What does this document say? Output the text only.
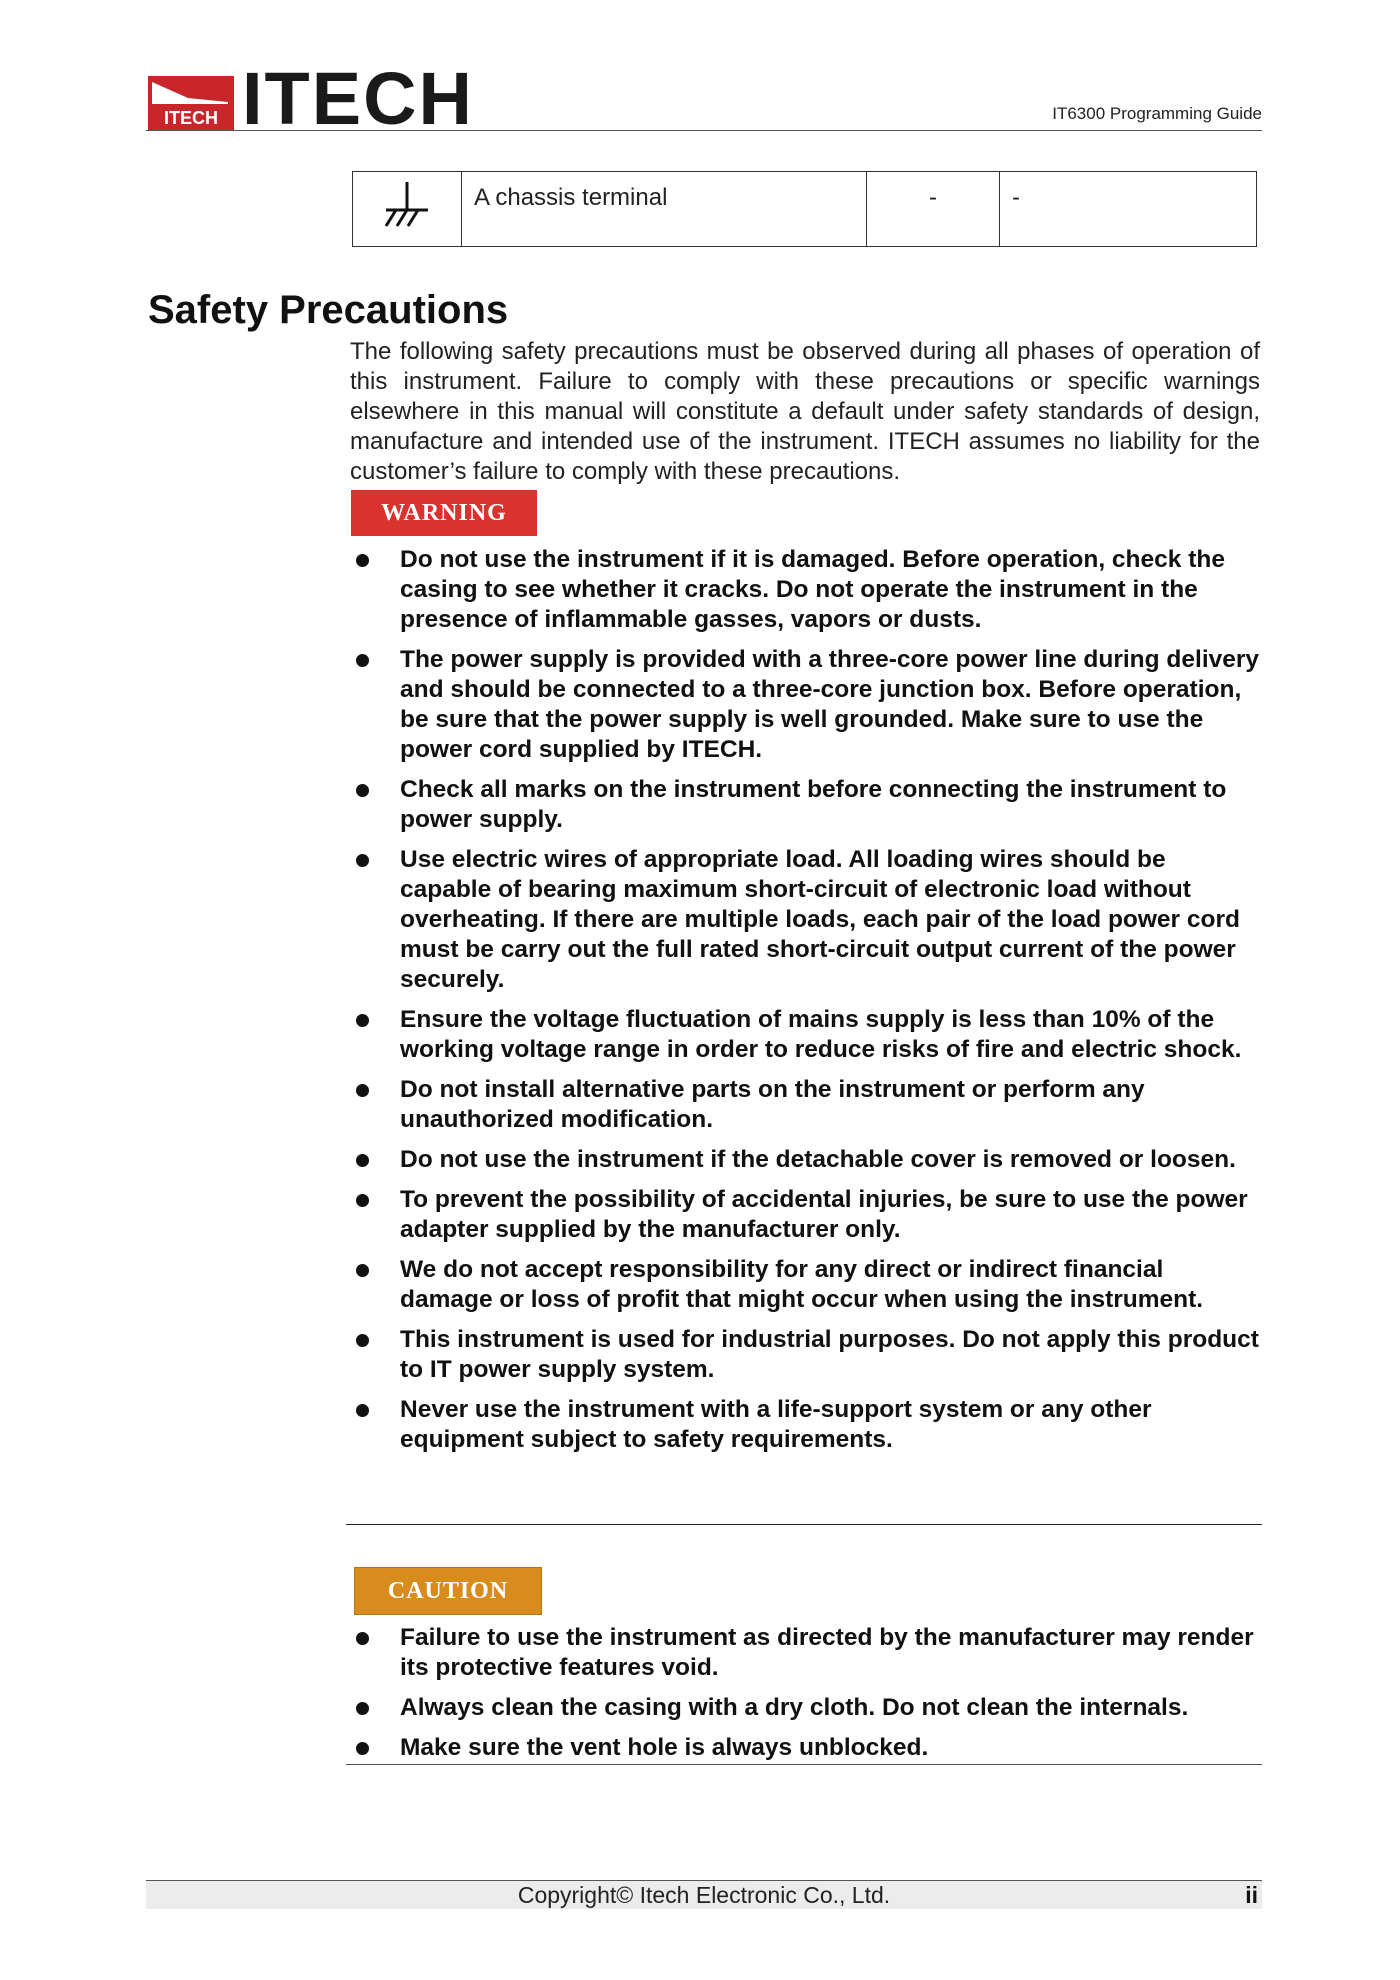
ITECH ITECH	IT6300 Programming Guide
	A chassis terminal	-	-
Safety Precautions
The following safety precautions must be observed during all phases of operation of this instrument. Failure to comply with these precautions or specific warnings elsewhere in this manual will constitute a default under safety standards of design, manufacture and intended use of the instrument. ITECH assumes no liability for the customer’s failure to comply with these precautions.
WARNING
Do not use the instrument if it is damaged. Before operation, check the casing to see whether it cracks. Do not operate the instrument in the presence of inflammable gasses, vapors or dusts.
The power supply is provided with a three-core power line during delivery and should be connected to a three-core junction box. Before operation, be sure that the power supply is well grounded. Make sure to use the power cord supplied by ITECH.
Check all marks on the instrument before connecting the instrument to power supply.
Use electric wires of appropriate load. All loading wires should be capable of bearing maximum short-circuit of electronic load without overheating. If there are multiple loads, each pair of the load power cord must be carry out the full rated short-circuit output current of the power securely.
Ensure the voltage fluctuation of mains supply is less than 10% of the working voltage range in order to reduce risks of fire and electric shock.
Do not install alternative parts on the instrument or perform any unauthorized modification.
Do not use the instrument if the detachable cover is removed or loosen.
To prevent the possibility of accidental injuries, be sure to use the power adapter supplied by the manufacturer only.
We do not accept responsibility for any direct or indirect financial damage or loss of profit that might occur when using the instrument.
This instrument is used for industrial purposes. Do not apply this product to IT power supply system.
Never use the instrument with a life-support system or any other equipment subject to safety requirements.
CAUTION
Failure to use the instrument as directed by the manufacturer may render its protective features void.
Always clean the casing with a dry cloth. Do not clean the internals.
Make sure the vent hole is always unblocked.
Copyright© Itech Electronic Co., Ltd.	ii
